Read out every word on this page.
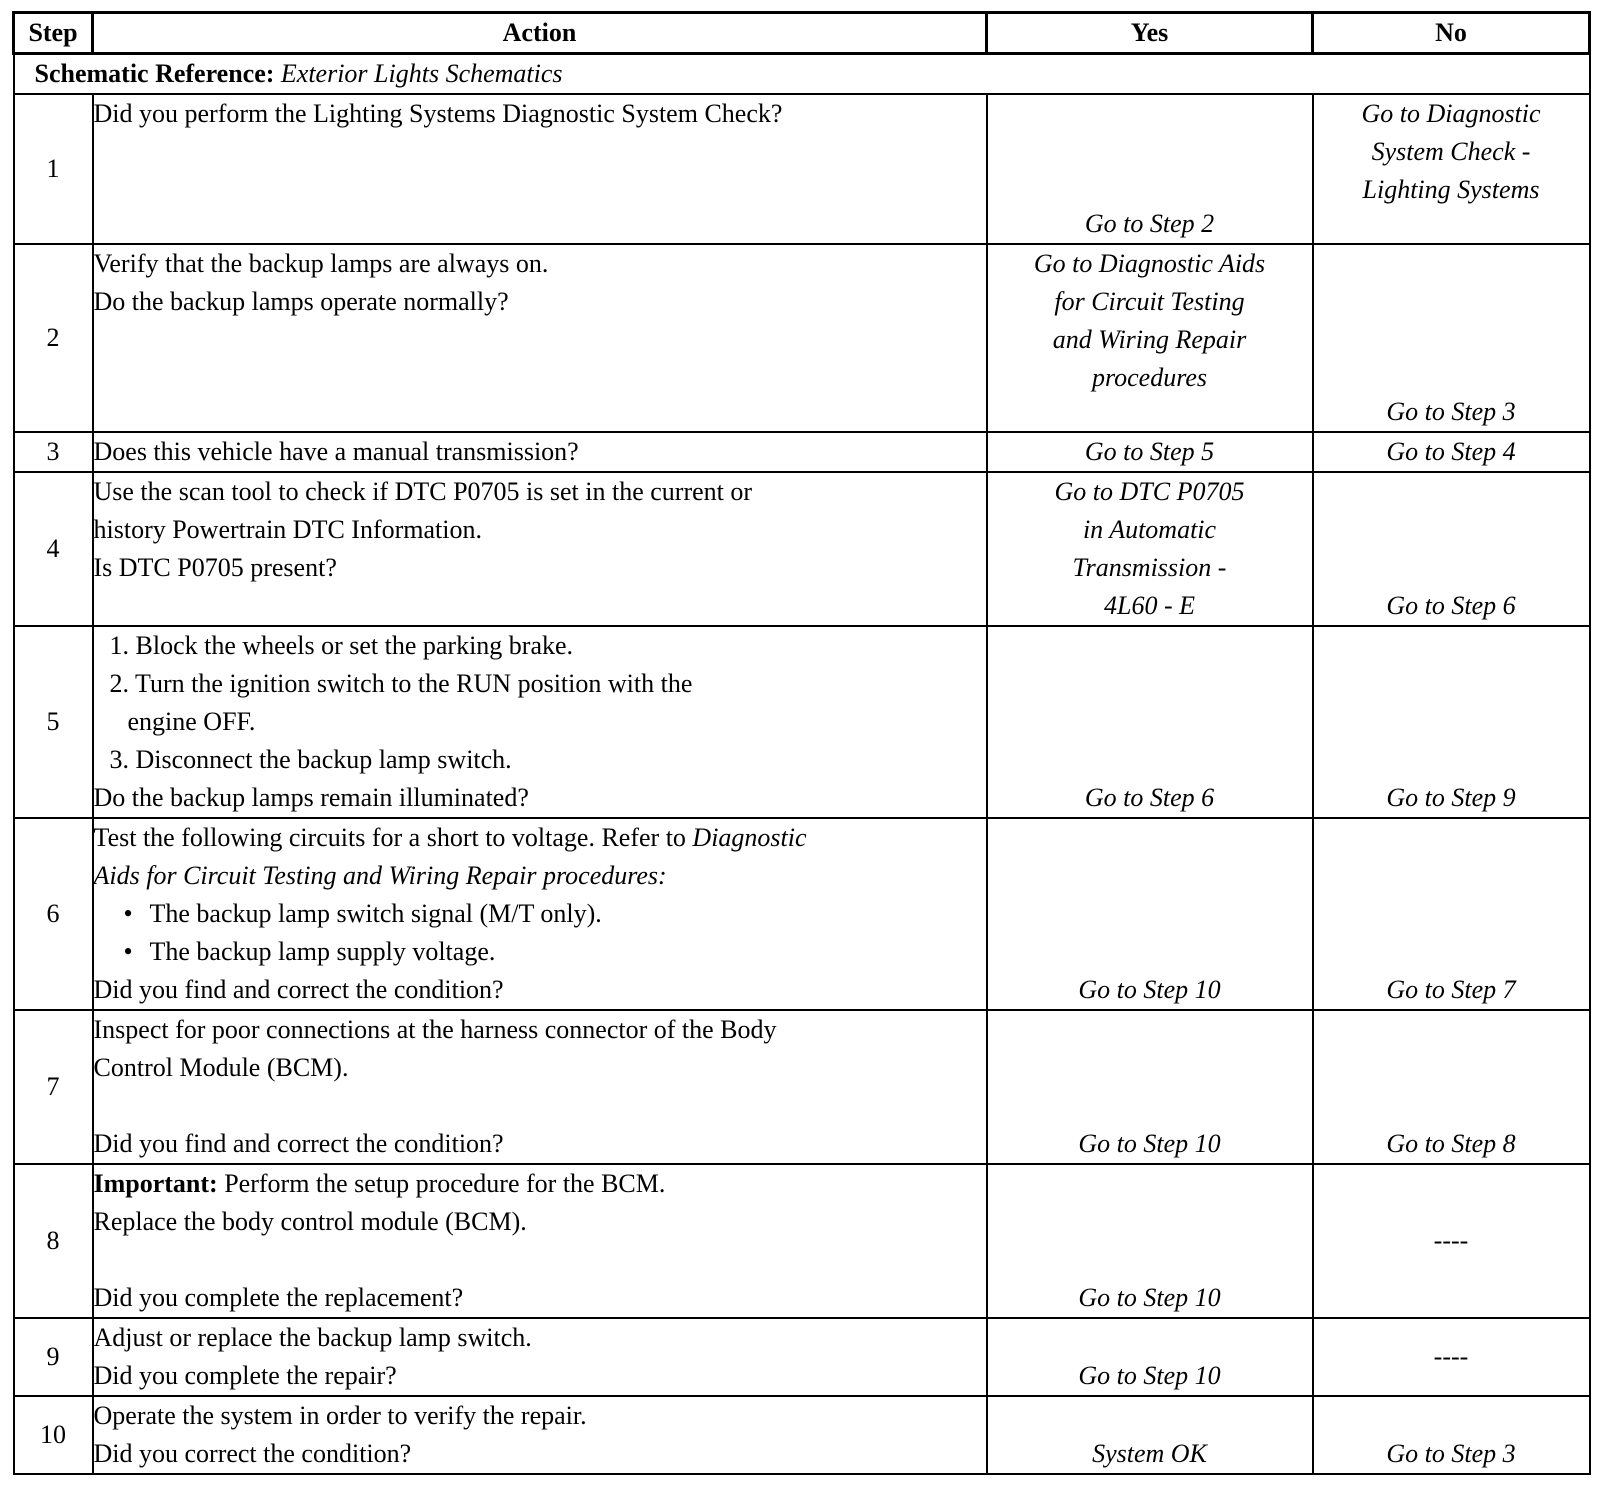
Step	Action	Yes	No
Schematic Reference: Exterior Lights Schematics			
1	Did you perform the Lighting Systems Diagnostic System Check?	Go to Step 2	Go to Diagnostic
System Check -
Lighting Systems

2	Verify that the backup lamps are always on.
Do the backup lamps operate normally?	Go to Diagnostic Aids
for Circuit Testing
and Wiring Repair
procedures	Go to Step 3

3	Does this vehicle have a manual transmission?	Go to Step 5	Go to Step 4

4	Use the scan tool to check if DTC P0705 is set in the current or
history Powertrain DTC Information.
Is DTC P0705 present?	Go to DTC P0705
in Automatic
Transmission -
4L60 - E	Go to Step 6

5	1. Block the wheels or set the parking brake.
2. Turn the ignition switch to the RUN position with the
engine OFF.
3. Disconnect the backup lamp switch.
Do the backup lamps remain illuminated?	Go to Step 6	Go to Step 9

6	Test the following circuits for a short to voltage. Refer to Diagnostic
Aids for Circuit Testing and Wiring Repair procedures:
• The backup lamp switch signal (M/T only).
• The backup lamp supply voltage.
Did you find and correct the condition?	Go to Step 10	Go to Step 7

7	Inspect for poor connections at the harness connector of the Body
Control Module (BCM).
Did you find and correct the condition?	Go to Step 10	Go to Step 8

8	Important: Perform the setup procedure for the BCM.
Replace the body control module (BCM).
Did you complete the replacement?	Go to Step 10	----

9	Adjust or replace the backup lamp switch.
Did you complete the repair?	Go to Step 10	----

10	Operate the system in order to verify the repair.
Did you correct the condition?	System OK	Go to Step 3
